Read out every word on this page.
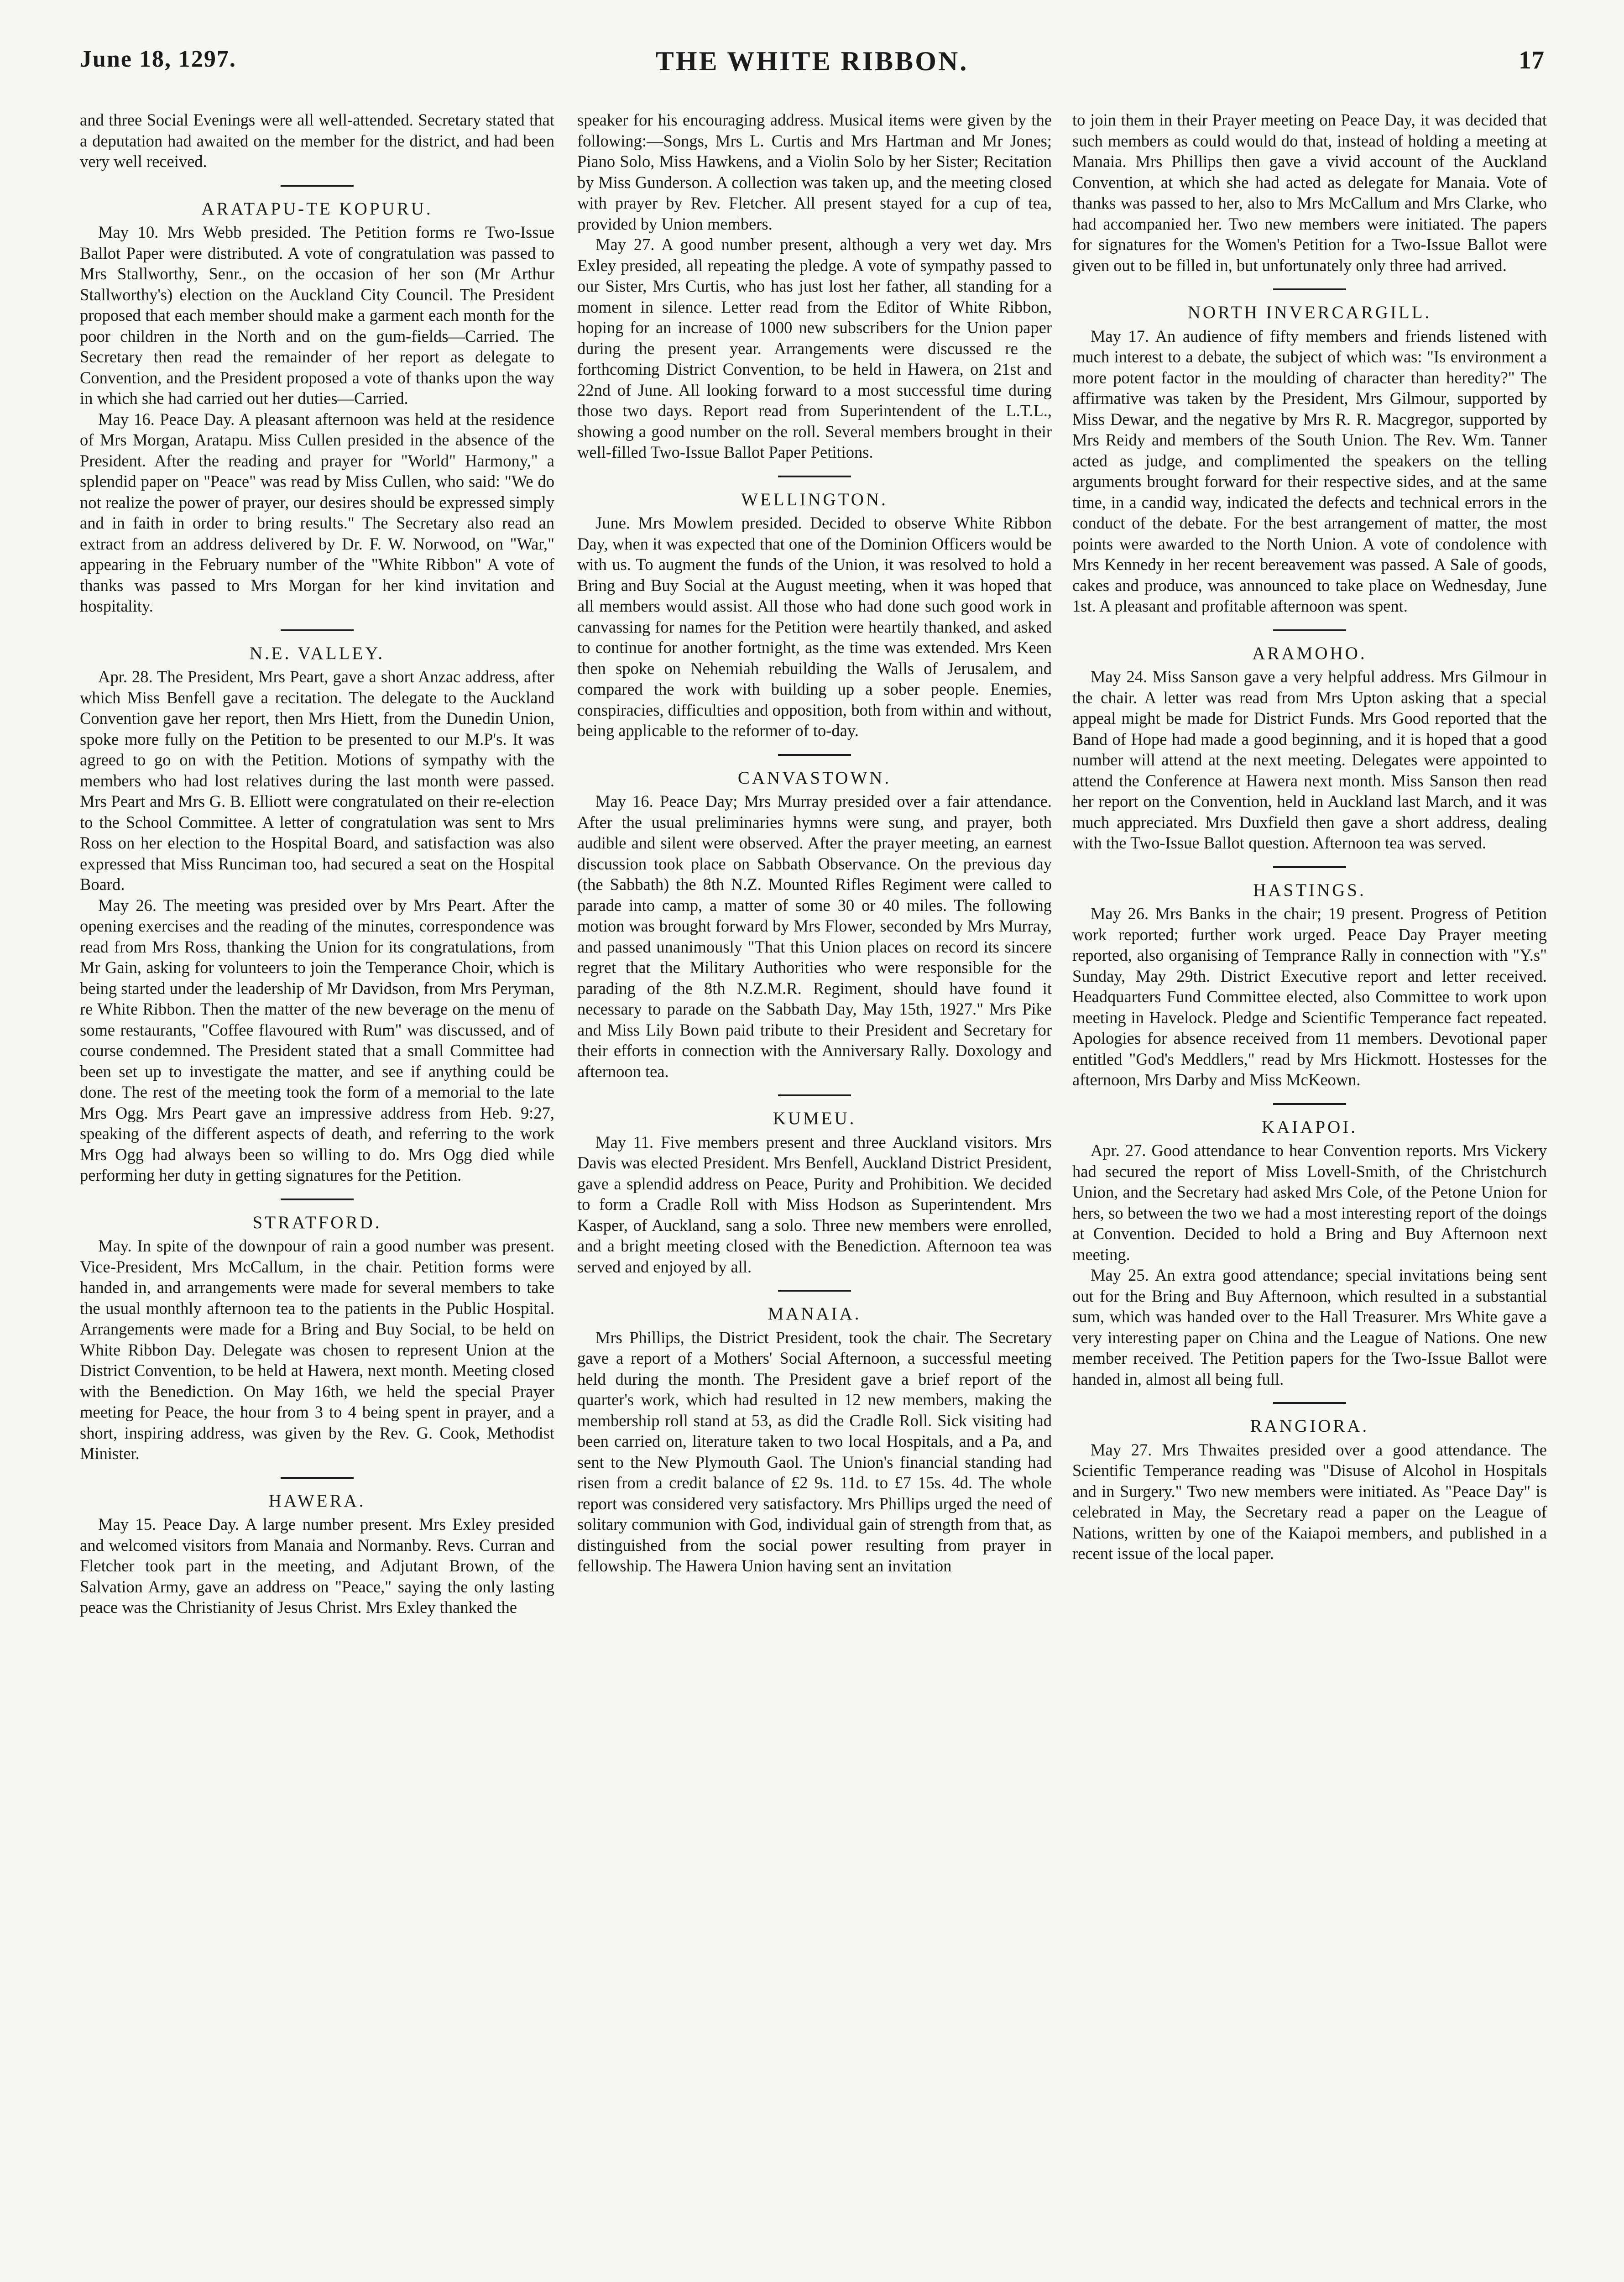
June 18, 1297.	THE WHITE RIBBON.	17

and three Social Evenings were all well-attended. Secretary stated that a deputation had awaited on the member for the district, and had been very well received.

ARATAPU-TE KOPURU.

May 10. Mrs Webb presided. The Petition forms re Two-Issue Ballot Paper were distributed. A vote of congratulation was passed to Mrs Stallworthy, Senr., on the occasion of her son (Mr Arthur Stallworthy's) election on the Auckland City Council. The President proposed that each member should make a garment each month for the poor children in the North and on the gum-fields—Carried. The Secretary then read the remainder of her report as delegate to Convention, and the President proposed a vote of thanks upon the way in which she had carried out her duties—Carried.

May 16. Peace Day. A pleasant afternoon was held at the residence of Mrs Morgan, Aratapu. Miss Cullen presided in the absence of the President. After the reading and prayer for "World" Harmony," a splendid paper on "Peace" was read by Miss Cullen, who said: "We do not realize the power of prayer, our desires should be expressed simply and in faith in order to bring results." The Secretary also read an extract from an address delivered by Dr. F. W. Norwood, on "War," appearing in the February number of the "White Ribbon" A vote of thanks was passed to Mrs Morgan for her kind invitation and hospitality.

N.E. VALLEY.

Apr. 28. The President, Mrs Peart, gave a short Anzac address, after which Miss Benfell gave a recitation. The delegate to the Auckland Convention gave her report, then Mrs Hiett, from the Dunedin Union, spoke more fully on the Petition to be presented to our M.P's. It was agreed to go on with the Petition. Motions of sympathy with the members who had lost relatives during the last month were passed. Mrs Peart and Mrs G. B. Elliott were congratulated on their re-election to the School Committee. A letter of congratulation was sent to Mrs Ross on her election to the Hospital Board, and satisfaction was also expressed that Miss Runciman too, had secured a seat on the Hospital Board.

May 26. The meeting was presided over by Mrs Peart. After the opening exercises and the reading of the minutes, correspondence was read from Mrs Ross, thanking the Union for its congratulations, from Mr Gain, asking for volunteers to join the Temperance Choir, which is being started under the leadership of Mr Davidson, from Mrs Peryman, re White Ribbon. Then the matter of the new beverage on the menu of some restaurants, "Coffee flavoured with Rum" was discussed, and of course condemned. The President stated that a small Committee had been set up to investigate the matter, and see if anything could be done. The rest of the meeting took the form of a memorial to the late Mrs Ogg. Mrs Peart gave an impressive address from Heb. 9:27, speaking of the different aspects of death, and referring to the work Mrs Ogg had always been so willing to do. Mrs Ogg died while performing her duty in getting signatures for the Petition.

STRATFORD.

May. In spite of the downpour of rain a good number was present. Vice-President, Mrs McCallum, in the chair. Petition forms were handed in, and arrangements were made for several members to take the usual monthly afternoon tea to the patients in the Public Hospital. Arrangements were made for a Bring and Buy Social, to be held on White Ribbon Day. Delegate was chosen to represent Union at the District Convention, to be held at Hawera, next month. Meeting closed with the Benediction. On May 16th, we held the special Prayer meeting for Peace, the hour from 3 to 4 being spent in prayer, and a short, inspiring address, was given by the Rev. G. Cook, Methodist Minister.

HAWERA.

May 15. Peace Day. A large number present. Mrs Exley presided and welcomed visitors from Manaia and Normanby. Revs. Curran and Fletcher took part in the meeting, and Adjutant Brown, of the Salvation Army, gave an address on "Peace," saying the only lasting peace was the Christianity of Jesus Christ. Mrs Exley thanked the

speaker for his encouraging address. Musical items were given by the following:—Songs, Mrs L. Curtis and Mrs Hartman and Mr Jones; Piano Solo, Miss Hawkens, and a Violin Solo by her Sister; Recitation by Miss Gunderson. A collection was taken up, and the meeting closed with prayer by Rev. Fletcher. All present stayed for a cup of tea, provided by Union members.

May 27. A good number present, although a very wet day. Mrs Exley presided, all repeating the pledge. A vote of sympathy passed to our Sister, Mrs Curtis, who has just lost her father, all standing for a moment in silence. Letter read from the Editor of White Ribbon, hoping for an increase of 1000 new subscribers for the Union paper during the present year. Arrangements were discussed re the forthcoming District Convention, to be held in Hawera, on 21st and 22nd of June. All looking forward to a most successful time during those two days. Report read from Superintendent of the L.T.L., showing a good number on the roll. Several members brought in their well-filled Two-Issue Ballot Paper Petitions.

WELLINGTON.

June. Mrs Mowlem presided. Decided to observe White Ribbon Day, when it was expected that one of the Dominion Officers would be with us. To augment the funds of the Union, it was resolved to hold a Bring and Buy Social at the August meeting, when it was hoped that all members would assist. All those who had done such good work in canvassing for names for the Petition were heartily thanked, and asked to continue for another fortnight, as the time was extended. Mrs Keen then spoke on Nehemiah rebuilding the Walls of Jerusalem, and compared the work with building up a sober people. Enemies, conspiracies, difficulties and opposition, both from within and without, being applicable to the reformer of to-day.

CANVASTOWN.

May 16. Peace Day; Mrs Murray presided over a fair attendance. After the usual preliminaries hymns were sung, and prayer, both audible and silent were observed. After the prayer meeting, an earnest discussion took place on Sabbath Observance. On the previous day (the Sabbath) the 8th N.Z. Mounted Rifles Regiment were called to parade into camp, a matter of some 30 or 40 miles. The following motion was brought forward by Mrs Flower, seconded by Mrs Murray, and passed unanimously "That this Union places on record its sincere regret that the Military Authorities who were responsible for the parading of the 8th N.Z.M.R. Regiment, should have found it necessary to parade on the Sabbath Day, May 15th, 1927." Mrs Pike and Miss Lily Bown paid tribute to their President and Secretary for their efforts in connection with the Anniversary Rally. Doxology and afternoon tea.

KUMEU.

May 11. Five members present and three Auckland visitors. Mrs Davis was elected President. Mrs Benfell, Auckland District President, gave a splendid address on Peace, Purity and Prohibition. We decided to form a Cradle Roll with Miss Hodson as Superintendent. Mrs Kasper, of Auckland, sang a solo. Three new members were enrolled, and a bright meeting closed with the Benediction. Afternoon tea was served and enjoyed by all.

MANAIA.

Mrs Phillips, the District President, took the chair. The Secretary gave a report of a Mothers' Social Afternoon, a successful meeting held during the month. The President gave a brief report of the quarter's work, which had resulted in 12 new members, making the membership roll stand at 53, as did the Cradle Roll. Sick visiting had been carried on, literature taken to two local Hospitals, and a Pa, and sent to the New Plymouth Gaol. The Union's financial standing had risen from a credit balance of £2 9s. 11d. to £7 15s. 4d. The whole report was considered very satisfactory. Mrs Phillips urged the need of solitary communion with God, individual gain of strength from that, as distinguished from the social power resulting from prayer in fellowship. The Hawera Union having sent an invitation

to join them in their Prayer meeting on Peace Day, it was decided that such members as could would do that, instead of holding a meeting at Manaia. Mrs Phillips then gave a vivid account of the Auckland Convention, at which she had acted as delegate for Manaia. Vote of thanks was passed to her, also to Mrs McCallum and Mrs Clarke, who had accompanied her. Two new members were initiated. The papers for signatures for the Women's Petition for a Two-Issue Ballot were given out to be filled in, but unfortunately only three had arrived.

NORTH INVERCARGILL.

May 17. An audience of fifty members and friends listened with much interest to a debate, the subject of which was: "Is environment a more potent factor in the moulding of character than heredity?" The affirmative was taken by the President, Mrs Gilmour, supported by Miss Dewar, and the negative by Mrs R. R. Macgregor, supported by Mrs Reidy and members of the South Union. The Rev. Wm. Tanner acted as judge, and complimented the speakers on the telling arguments brought forward for their respective sides, and at the same time, in a candid way, indicated the defects and technical errors in the conduct of the debate. For the best arrangement of matter, the most points were awarded to the North Union. A vote of condolence with Mrs Kennedy in her recent bereavement was passed. A Sale of goods, cakes and produce, was announced to take place on Wednesday, June 1st. A pleasant and profitable afternoon was spent.

ARAMOHO.

May 24. Miss Sanson gave a very helpful address. Mrs Gilmour in the chair. A letter was read from Mrs Upton asking that a special appeal might be made for District Funds. Mrs Good reported that the Band of Hope had made a good beginning, and it is hoped that a good number will attend at the next meeting. Delegates were appointed to attend the Conference at Hawera next month. Miss Sanson then read her report on the Convention, held in Auckland last March, and it was much appreciated. Mrs Duxfield then gave a short address, dealing with the Two-Issue Ballot question. Afternoon tea was served.

HASTINGS.

May 26. Mrs Banks in the chair; 19 present. Progress of Petition work reported; further work urged. Peace Day Prayer meeting reported, also organising of Temprance Rally in connection with "Y.s" Sunday, May 29th. District Executive report and letter received. Headquarters Fund Committee elected, also Committee to work upon meeting in Havelock. Pledge and Scientific Temperance fact repeated. Apologies for absence received from 11 members. Devotional paper entitled "God's Meddlers," read by Mrs Hickmott. Hostesses for the afternoon, Mrs Darby and Miss McKeown.

KAIAPOI.

Apr. 27. Good attendance to hear Convention reports. Mrs Vickery had secured the report of Miss Lovell-Smith, of the Christchurch Union, and the Secretary had asked Mrs Cole, of the Petone Union for hers, so between the two we had a most interesting report of the doings at Convention. Decided to hold a Bring and Buy Afternoon next meeting.

May 25. An extra good attendance; special invitations being sent out for the Bring and Buy Afternoon, which resulted in a substantial sum, which was handed over to the Hall Treasurer. Mrs White gave a very interesting paper on China and the League of Nations. One new member received. The Petition papers for the Two-Issue Ballot were handed in, almost all being full.

RANGIORA.

May 27. Mrs Thwaites presided over a good attendance. The Scientific Temperance reading was "Disuse of Alcohol in Hospitals and in Surgery." Two new members were initiated. As "Peace Day" is celebrated in May, the Secretary read a paper on the League of Nations, written by one of the Kaiapoi members, and published in a recent issue of the local paper.
